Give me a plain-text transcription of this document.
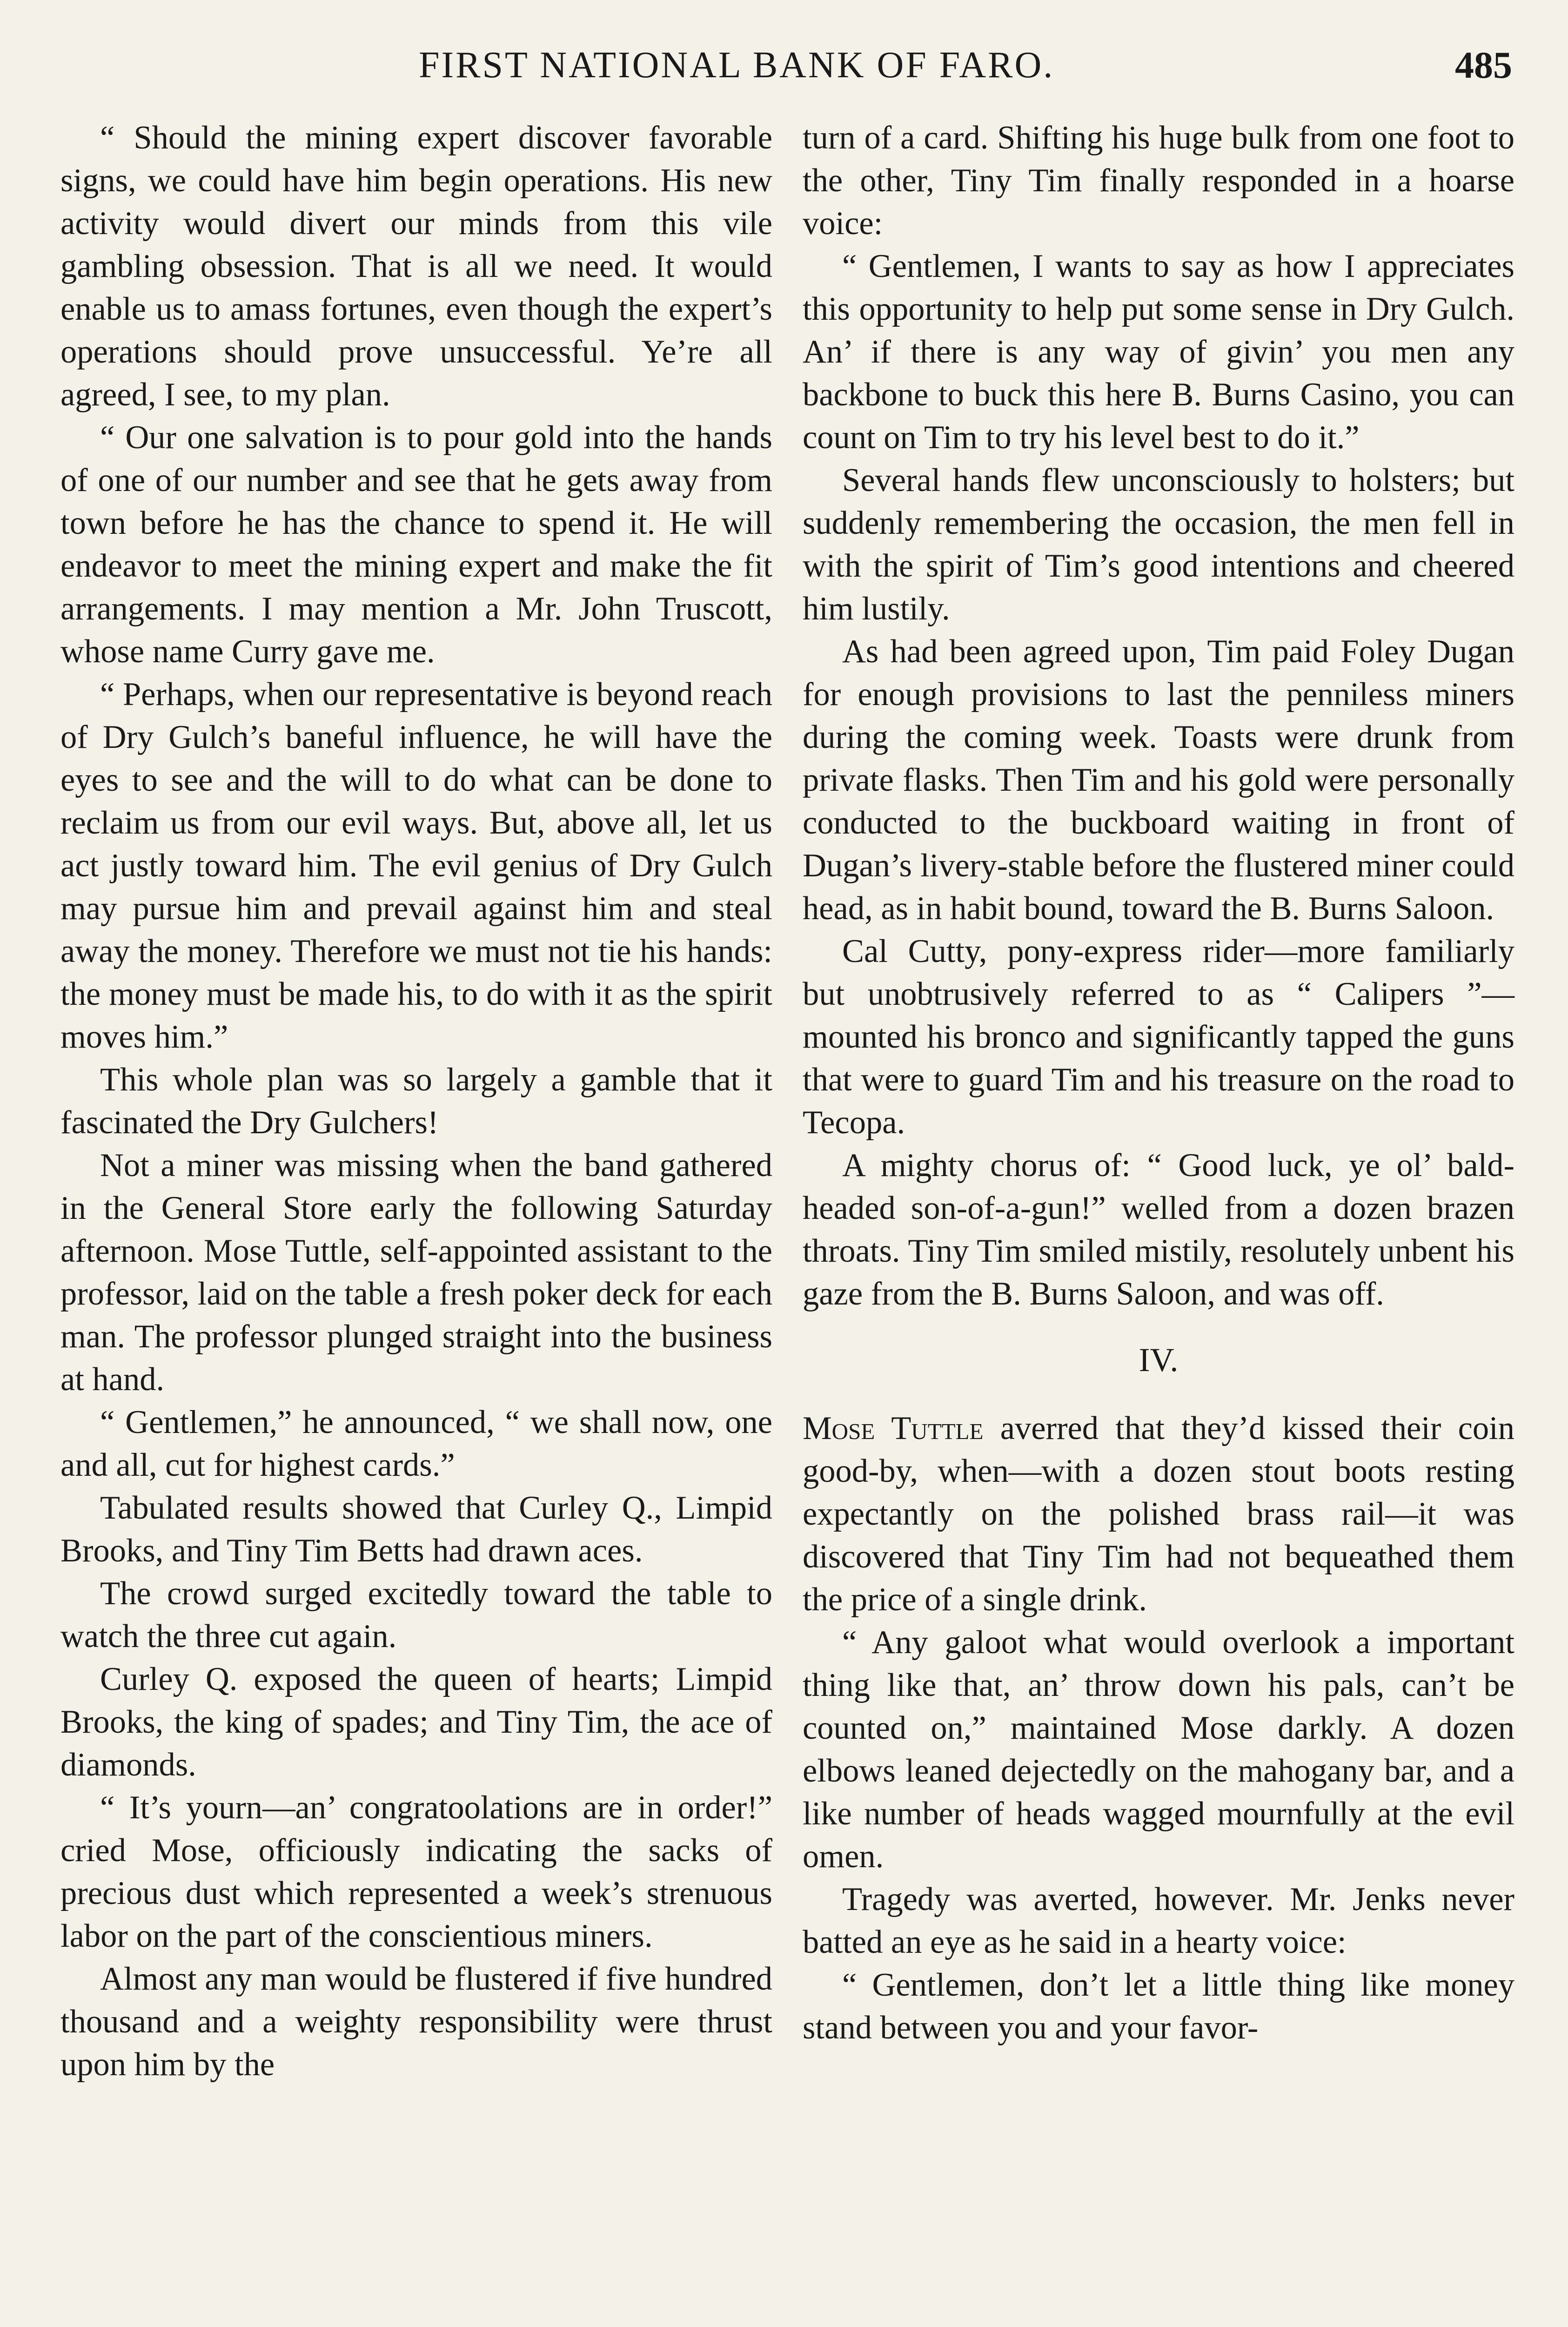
FIRST NATIONAL BANK OF FARO.	485

“ Should the mining expert discover favorable signs, we could have him begin operations. His new activity would divert our minds from this vile gambling obsession. That is all we need. It would enable us to amass fortunes, even though the expert’s operations should prove unsuccessful. Ye’re all agreed, I see, to my plan.

“ Our one salvation is to pour gold into the hands of one of our number and see that he gets away from town before he has the chance to spend it. He will endeavor to meet the mining expert and make the fit arrangements. I may mention a Mr. John Truscott, whose name Curry gave me.

“ Perhaps, when our representative is beyond reach of Dry Gulch’s baneful influence, he will have the eyes to see and the will to do what can be done to reclaim us from our evil ways. But, above all, let us act justly toward him. The evil genius of Dry Gulch may pursue him and prevail against him and steal away the money. Therefore we must not tie his hands: the money must be made his, to do with it as the spirit moves him.”

This whole plan was so largely a gamble that it fascinated the Dry Gulchers!

Not a miner was missing when the band gathered in the General Store early the following Saturday afternoon. Mose Tuttle, self-appointed assistant to the professor, laid on the table a fresh poker deck for each man. The professor plunged straight into the business at hand.

“ Gentlemen,” he announced, “ we shall now, one and all, cut for highest cards.”

Tabulated results showed that Curley Q., Limpid Brooks, and Tiny Tim Betts had drawn aces.

The crowd surged excitedly toward the table to watch the three cut again.

Curley Q. exposed the queen of hearts; Limpid Brooks, the king of spades; and Tiny Tim, the ace of diamonds.

“ It’s yourn—an’ congratoolations are in order!” cried Mose, officiously indicating the sacks of precious dust which represented a week’s strenuous labor on the part of the conscientious miners.

Almost any man would be flustered if five hundred thousand and a weighty responsibility were thrust upon him by the

turn of a card. Shifting his huge bulk from one foot to the other, Tiny Tim finally responded in a hoarse voice:

“ Gentlemen, I wants to say as how I appreciates this opportunity to help put some sense in Dry Gulch. An’ if there is any way of givin’ you men any backbone to buck this here B. Burns Casino, you can count on Tim to try his level best to do it.”

Several hands flew unconsciously to holsters; but suddenly remembering the occasion, the men fell in with the spirit of Tim’s good intentions and cheered him lustily.

As had been agreed upon, Tim paid Foley Dugan for enough provisions to last the penniless miners during the coming week. Toasts were drunk from private flasks. Then Tim and his gold were personally conducted to the buckboard waiting in front of Dugan’s livery-stable before the flustered miner could head, as in habit bound, toward the B. Burns Saloon.

Cal Cutty, pony-express rider—more familiarly but unobtrusively referred to as “ Calipers ”—mounted his bronco and significantly tapped the guns that were to guard Tim and his treasure on the road to Tecopa.

A mighty chorus of: “ Good luck, ye ol’ bald-headed son-of-a-gun!” welled from a dozen brazen throats. Tiny Tim smiled mistily, resolutely unbent his gaze from the B. Burns Saloon, and was off.

IV.

Mose Tuttle averred that they’d kissed their coin good-by, when—with a dozen stout boots resting expectantly on the polished brass rail—it was discovered that Tiny Tim had not bequeathed them the price of a single drink.

“ Any galoot what would overlook a important thing like that, an’ throw down his pals, can’t be counted on,” maintained Mose darkly. A dozen elbows leaned dejectedly on the mahogany bar, and a like number of heads wagged mournfully at the evil omen.

Tragedy was averted, however. Mr. Jenks never batted an eye as he said in a hearty voice:

“ Gentlemen, don’t let a little thing like money stand between you and your favor-
